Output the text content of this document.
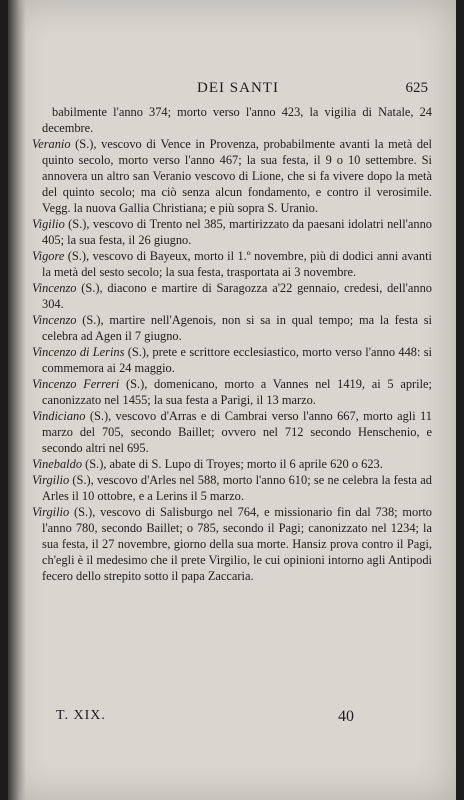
DEI SANTI	625

babilmente l'anno 374; morto verso l'anno 423, la vigilia di Natale, 24 decembre.

Veranio (S.), vescovo di Vence in Provenza, probabilmente avanti la metà del quinto secolo, morto verso l'anno 467; la sua festa, il 9 o 10 settembre. Si annovera un altro san Veranio vescovo di Lione, che si fa vivere dopo la metà del quinto secolo; ma ciò senza alcun fondamento, e contro il verosimile. Vegg. la nuova Gallia Christiana; e più sopra S. Uranio.

Vigilio (S.), vescovo di Trento nel 385, martirizzato da paesani idolatri nell'anno 405; la sua festa, il 26 giugno.

Vigore (S.), vescovo di Bayeux, morto il 1.º novembre, più di dodici anni avanti la metà del sesto secolo; la sua festa, trasportata ai 3 novembre.

Vincenzo (S.), diacono e martire di Saragozza a'22 gennaio, credesi, dell'anno 304.

Vincenzo (S.), martire nell'Agenois, non si sa in qual tempo; ma la festa si celebra ad Agen il 7 giugno.

Vincenzo di Lerins (S.), prete e scrittore ecclesiastico, morto verso l'anno 448: si commemora ai 24 maggio.

Vincenzo Ferreri (S.), domenicano, morto a Vannes nel 1419, ai 5 aprile; canonizzato nel 1455; la sua festa a Parigi, il 13 marzo.

Vindiciano (S.), vescovo d'Arras e di Cambrai verso l'anno 667, morto agli 11 marzo del 705, secondo Baillet; ovvero nel 712 secondo Henschenio, e secondo altri nel 695.

Vinebaldo (S.), abate di S. Lupo di Troyes; morto il 6 aprile 620 o 623.

Virgilio (S.), vescovo d'Arles nel 588, morto l'anno 610; se ne celebra la festa ad Arles il 10 ottobre, e a Lerins il 5 marzo.

Virgilio (S.), vescovo di Salisburgo nel 764, e missionario fin dal 738; morto l'anno 780, secondo Baillet; o 785, secondo il Pagi; canonizzato nel 1234; la sua festa, il 27 novembre, giorno della sua morte. Hansiz prova contro il Pagi, ch'egli è il medesimo che il prete Virgilio, le cui opinioni intorno agli Antipodi fecero dello strepito sotto il papa Zaccaria.

T. XIX.	40
